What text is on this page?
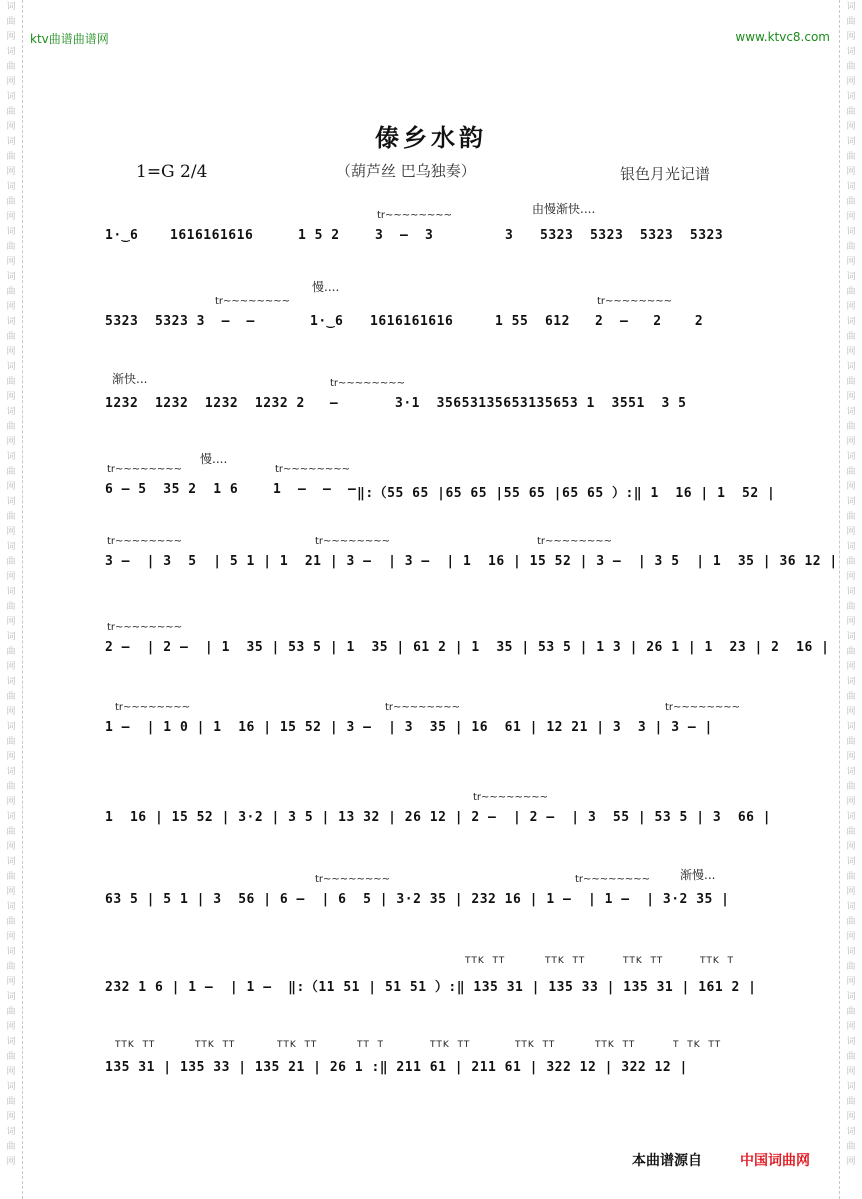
词
曲
网
词
曲
网
词
曲
网
词
曲
网
词
曲
网
词
曲
网
词
曲
网
词
曲
网
词
曲
网
词
曲
网
词
曲
网
词
曲
网
词
曲
网
词
曲
网
词
曲
网
词
曲
网
词
曲
网
词
曲
网
词
曲
网
词
曲
网
词
曲
网
词
曲
网
词
曲
网
词
曲
网
词
曲
网
词
曲
网
词
曲
网
词
曲
网
词
曲
网
词
曲
网
词
曲
网
词
曲
网
词
曲
网
词
曲
网
词
曲
网
词
曲
网
词
曲
网
词
曲
网
词
曲
网
词
曲
网
词
曲
网
词
曲
网
词
曲
网
词
曲
网
词
曲
网
词
曲
网
词
曲
网
词
曲
网
词
曲
网
词
曲
网
词
曲
网
词
曲
网
ktv曲谱曲谱网	www.ktvc8.com
傣乡水韵
1=G 2/4	（葫芦丝 巴乌独奏）	银色月光记谱
由慢渐快....
慢....
渐快...
慢....
渐慢...
1·‿6 1616161616	1 5 2	3  –  3	3 5323  5323  5323  5323
tr~~~~~~~~
5323  5323 3  –  –	1·‿6 1616161616	1 55  612 2  –   2    2
tr~~~~~~~~	tr~~~~~~~~
1232  1232  1232  1232 2   –	3·1  35653135653135653 1  3551  3 5
tr~~~~~~~~
6 – 5  35 2  1 6	1  –  –  – ‖:（55 65 |65 65 |55 65 |65 65 ）:‖ 1  16 | 1  52 |
tr~~~~~~~~	tr~~~~~~~~
3 –  | 3  5  | 5 1 | 1  21 | 3 –  | 3 –  | 1  16 | 15 52 | 3 –  | 3 5  | 1  35 | 36 12 |
tr~~~~~~~~	tr~~~~~~~~	tr~~~~~~~~
2 –  | 2 –  | 1  35 | 53 5 | 1  35 | 61 2 | 1  35 | 53 5 | 1 3 | 26 1 | 1  23 | 2  16 |
tr~~~~~~~~
1 –  | 1 0 | 1  16 | 15 52 | 3 –  | 3  35 | 16  61 | 12 21 | 3  3 | 3 – |
tr~~~~~~~~	tr~~~~~~~~	tr~~~~~~~~
1  16 | 15 52 | 3·2 | 3 5 | 13 32 | 26 12 | 2 –  | 2 –  | 3  55 | 53 5 | 3  66 |
tr~~~~~~~~
63 5 | 5 1 | 3  56 | 6 –  | 6  5 | 3·2 35 | 232 16 | 1 –  | 1 –  | 3·2 35 |
tr~~~~~~~~	tr~~~~~~~~
232 1 6 | 1 –  | 1 –  ‖:（11 51 | 51 51 ）:‖ 135 31 | 135 33 | 135 31 | 161 2 |
TTK  TT	TTK  TT	TTK  TT	TTK  T
135 31 | 135 33 | 135 21 | 26 1 :‖ 211 61 | 211 61 | 322 12 | 322 12 |
TTK  TT	TTK  TT	TTK  TT	TT  T	TTK  TT	TTK  TT	TTK  TT	T  TK  TT
本曲谱源自	中国词曲网
